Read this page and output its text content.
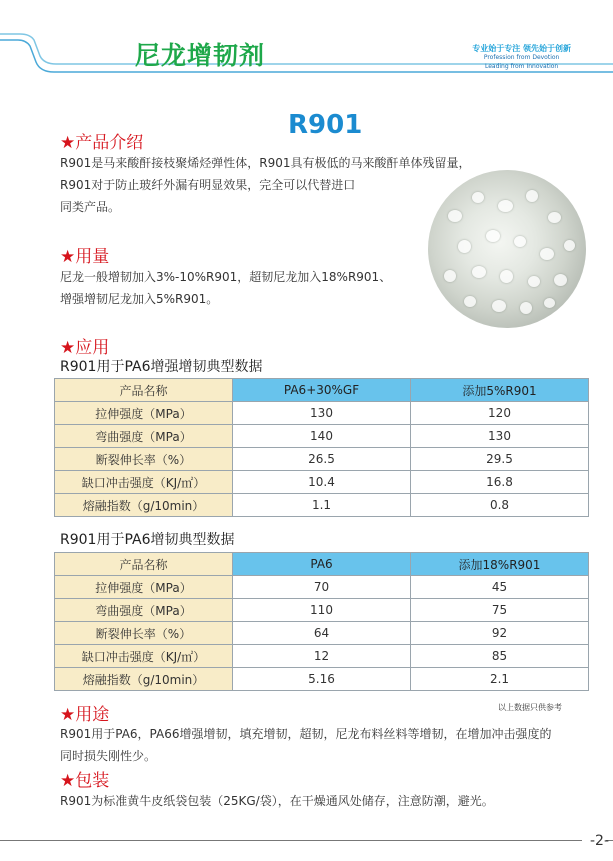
尼龙增韧剂	专业始于专注 领先始于创新
Profession from Devotion
Leading from Innovation
R901
★产品介绍
R901是马来酸酐接枝聚烯烃弹性体，R901具有极低的马来酸酐单体残留量，
R901对于防止玻纤外漏有明显效果，完全可以代替进口
同类产品。
★用量
尼龙一般增韧加入3%-10%R901，超韧尼龙加入18%R901、
增强增韧尼龙加入5%R901。
★应用
R901用于PA6增强增韧典型数据
产品名称	PA6+30%GF	添加5%R901
拉伸强度（MPa）	130	120
弯曲强度（MPa）	140	130
断裂伸长率（%）	26.5	29.5
缺口冲击强度（KJ/㎡）	10.4	16.8
熔融指数（g/10min）	1.1	0.8
R901用于PA6增韧典型数据
产品名称	PA6	添加18%R901
拉伸强度（MPa）	70	45
弯曲强度（MPa）	110	75
断裂伸长率（%）	64	92
缺口冲击强度（KJ/㎡）	12	85
熔融指数（g/10min）	5.16	2.1
以上数据只供参考
★用途
R901用于PA6，PA66增强增韧，填充增韧，超韧，尼龙布料丝料等增韧，在增加冲击强度的
同时损失刚性少。
★包装
R901为标准黄牛皮纸袋包装（25KG/袋），在干燥通风处储存，注意防潮，避光。
-2-
